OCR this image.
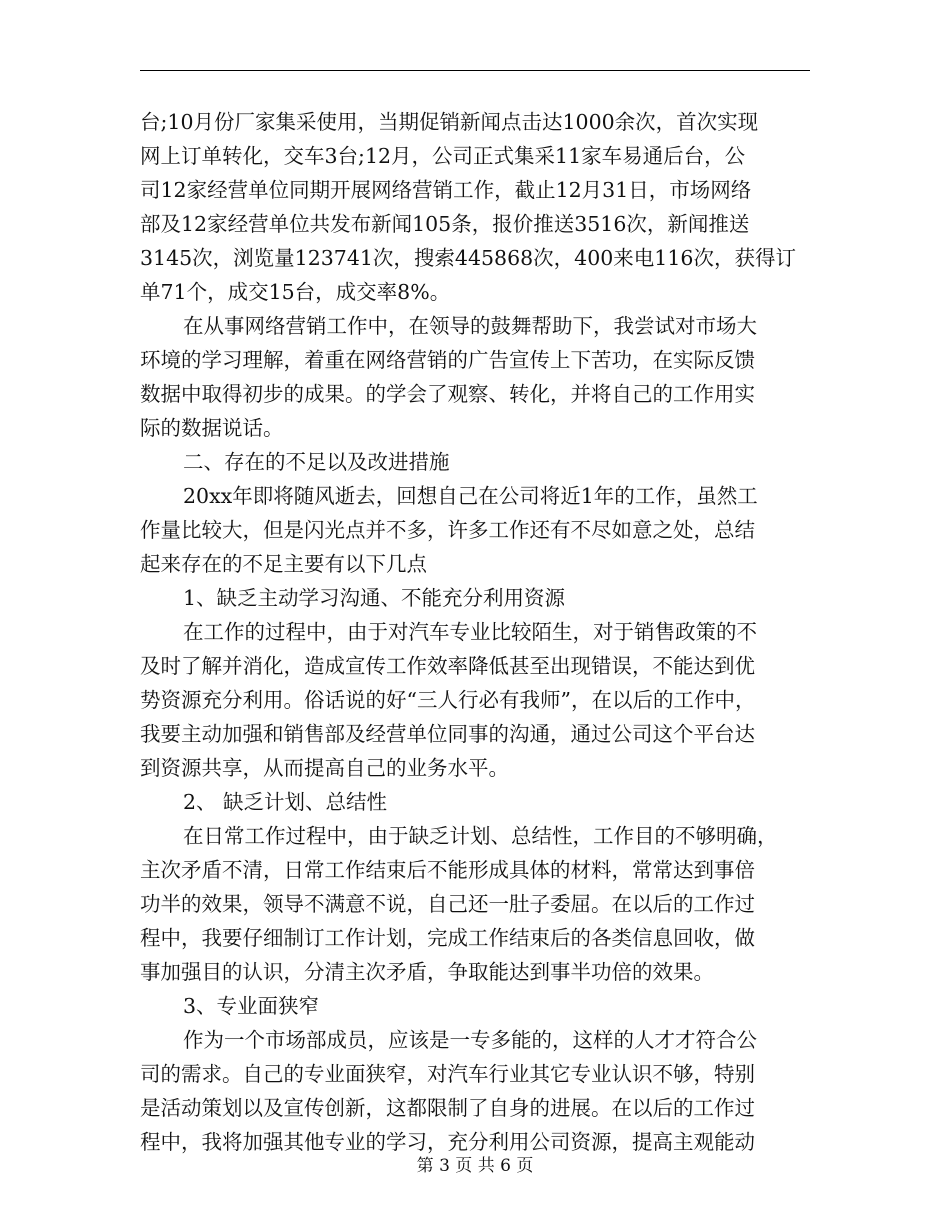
台;10月份厂家集采使用，当期促销新闻点击达1000余次，首次实现
网上订单转化，交车3台;12月，公司正式集采11家车易通后台，公
司12家经营单位同期开展网络营销工作，截止12月31日，市场网络
部及12家经营单位共发布新闻105条，报价推送3516次，新闻推送
3145次，浏览量123741次，搜索445868次，400来电116次，获得订
单71个，成交15台，成交率8%。
在从事网络营销工作中，在领导的鼓舞帮助下，我尝试对市场大
环境的学习理解，着重在网络营销的广告宣传上下苦功，在实际反馈
数据中取得初步的成果。的学会了观察、转化，并将自己的工作用实
际的数据说话。
二、存在的不足以及改进措施
20xx年即将随风逝去，回想自己在公司将近1年的工作，虽然工
作量比较大，但是闪光点并不多，许多工作还有不尽如意之处，总结
起来存在的不足主要有以下几点
1、缺乏主动学习沟通、不能充分利用资源
在工作的过程中，由于对汽车专业比较陌生，对于销售政策的不
及时了解并消化，造成宣传工作效率降低甚至出现错误，不能达到优
势资源充分利用。俗话说的好“三人行必有我师”，在以后的工作中，
我要主动加强和销售部及经营单位同事的沟通，通过公司这个平台达
到资源共享，从而提高自己的业务水平。
2、 缺乏计划、总结性
在日常工作过程中，由于缺乏计划、总结性，工作目的不够明确，
主次矛盾不清，日常工作结束后不能形成具体的材料，常常达到事倍
功半的效果，领导不满意不说，自己还一肚子委屈。在以后的工作过
程中，我要仔细制订工作计划，完成工作结束后的各类信息回收，做
事加强目的认识，分清主次矛盾，争取能达到事半功倍的效果。
3、专业面狭窄
作为一个市场部成员，应该是一专多能的，这样的人才才符合公
司的需求。自己的专业面狭窄，对汽车行业其它专业认识不够，特别
是活动策划以及宣传创新，这都限制了自身的进展。在以后的工作过
程中，我将加强其他专业的学习，充分利用公司资源，提高主观能动
第 3 页 共 6 页
